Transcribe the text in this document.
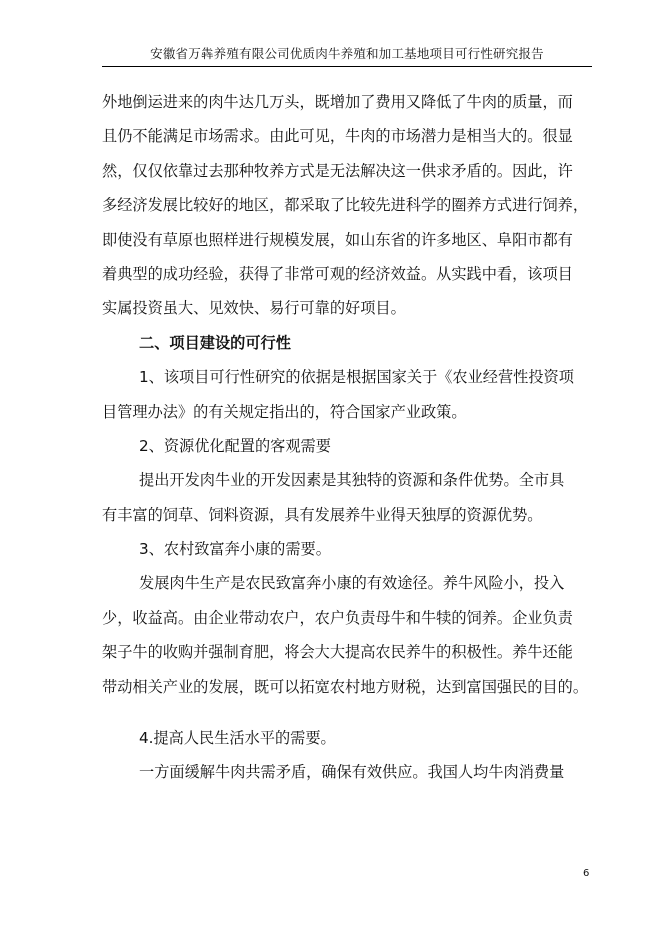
安徽省万犇养殖有限公司优质肉牛养殖和加工基地项目可行性研究报告
外地倒运进来的肉牛达几万头，既增加了费用又降低了牛肉的质量，而
且仍不能满足市场需求。由此可见，牛肉的市场潜力是相当大的。很显
然，仅仅依靠过去那种牧养方式是无法解决这一供求矛盾的。因此，许
多经济发展比较好的地区，都采取了比较先进科学的圈养方式进行饲养，
即使没有草原也照样进行规模发展，如山东省的许多地区、阜阳市都有
着典型的成功经验，获得了非常可观的经济效益。从实践中看，该项目
实属投资虽大、见效快、易行可靠的好项目。
二、项目建设的可行性
1、该项目可行性研究的依据是根据国家关于《农业经营性投资项
目管理办法》的有关规定指出的，符合国家产业政策。
2、资源优化配置的客观需要
提出开发肉牛业的开发因素是其独特的资源和条件优势。全市具
有丰富的饲草、饲料资源，具有发展养牛业得天独厚的资源优势。
3、农村致富奔小康的需要。
发展肉牛生产是农民致富奔小康的有效途径。养牛风险小，投入
少，收益高。由企业带动农户，农户负责母牛和牛犊的饲养。企业负责
架子牛的收购并强制育肥，将会大大提高农民养牛的积极性。养牛还能
带动相关产业的发展，既可以拓宽农村地方财税，达到富国强民的目的。
4.提高人民生活水平的需要。
一方面缓解牛肉共需矛盾，确保有效供应。我国人均牛肉消费量
6
